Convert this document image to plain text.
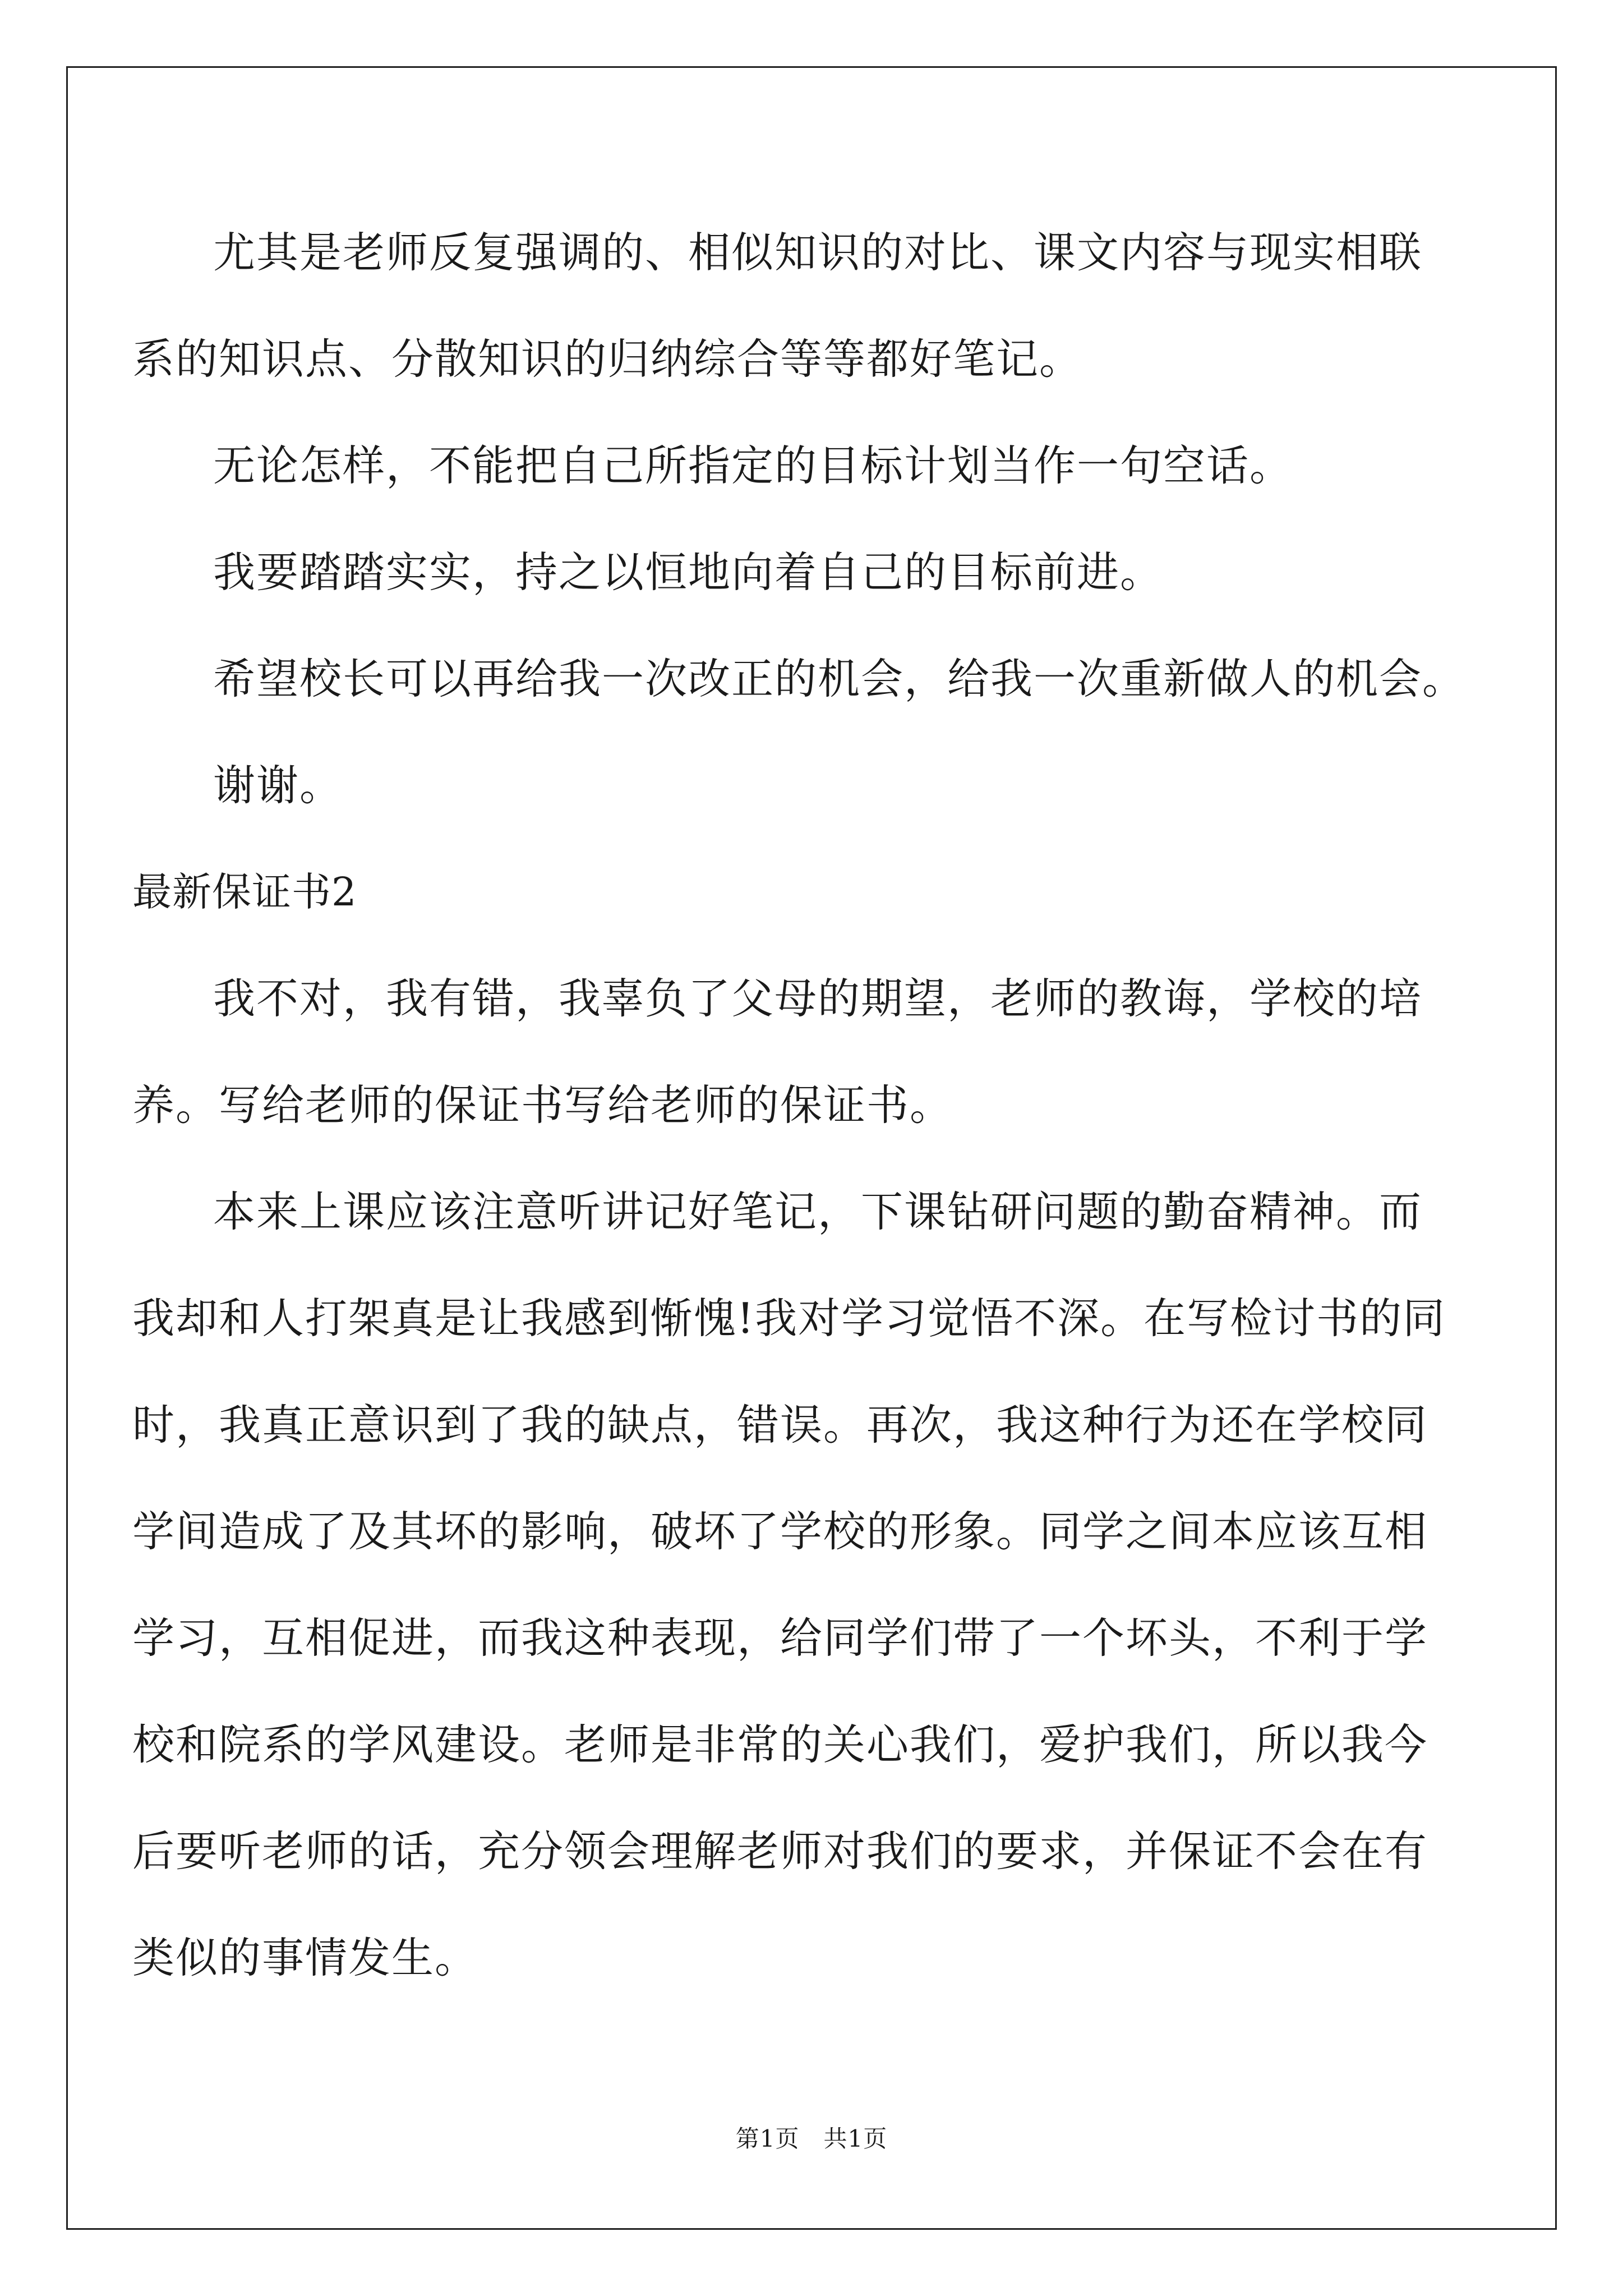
尤其是老师反复强调的、相似知识的对比、课文内容与现实相联
系的知识点、分散知识的归纳综合等等都好笔记。
无论怎样，不能把自己所指定的目标计划当作一句空话。
我要踏踏实实，持之以恒地向着自己的目标前进。
希望校长可以再给我一次改正的机会，给我一次重新做人的机会。
谢谢。
最新保证书2
我不对，我有错，我辜负了父母的期望，老师的教诲，学校的培
养。写给老师的保证书写给老师的保证书。
本来上课应该注意听讲记好笔记，下课钻研问题的勤奋精神。而
我却和人打架真是让我感到惭愧!我对学习觉悟不深。在写检讨书的同
时，我真正意识到了我的缺点，错误。再次，我这种行为还在学校同
学间造成了及其坏的影响，破坏了学校的形象。同学之间本应该互相
学习，互相促进，而我这种表现，给同学们带了一个坏头，不利于学
校和院系的学风建设。老师是非常的关心我们，爱护我们，所以我今
后要听老师的话，充分领会理解老师对我们的要求，并保证不会在有
类似的事情发生。
第1页　共1页
